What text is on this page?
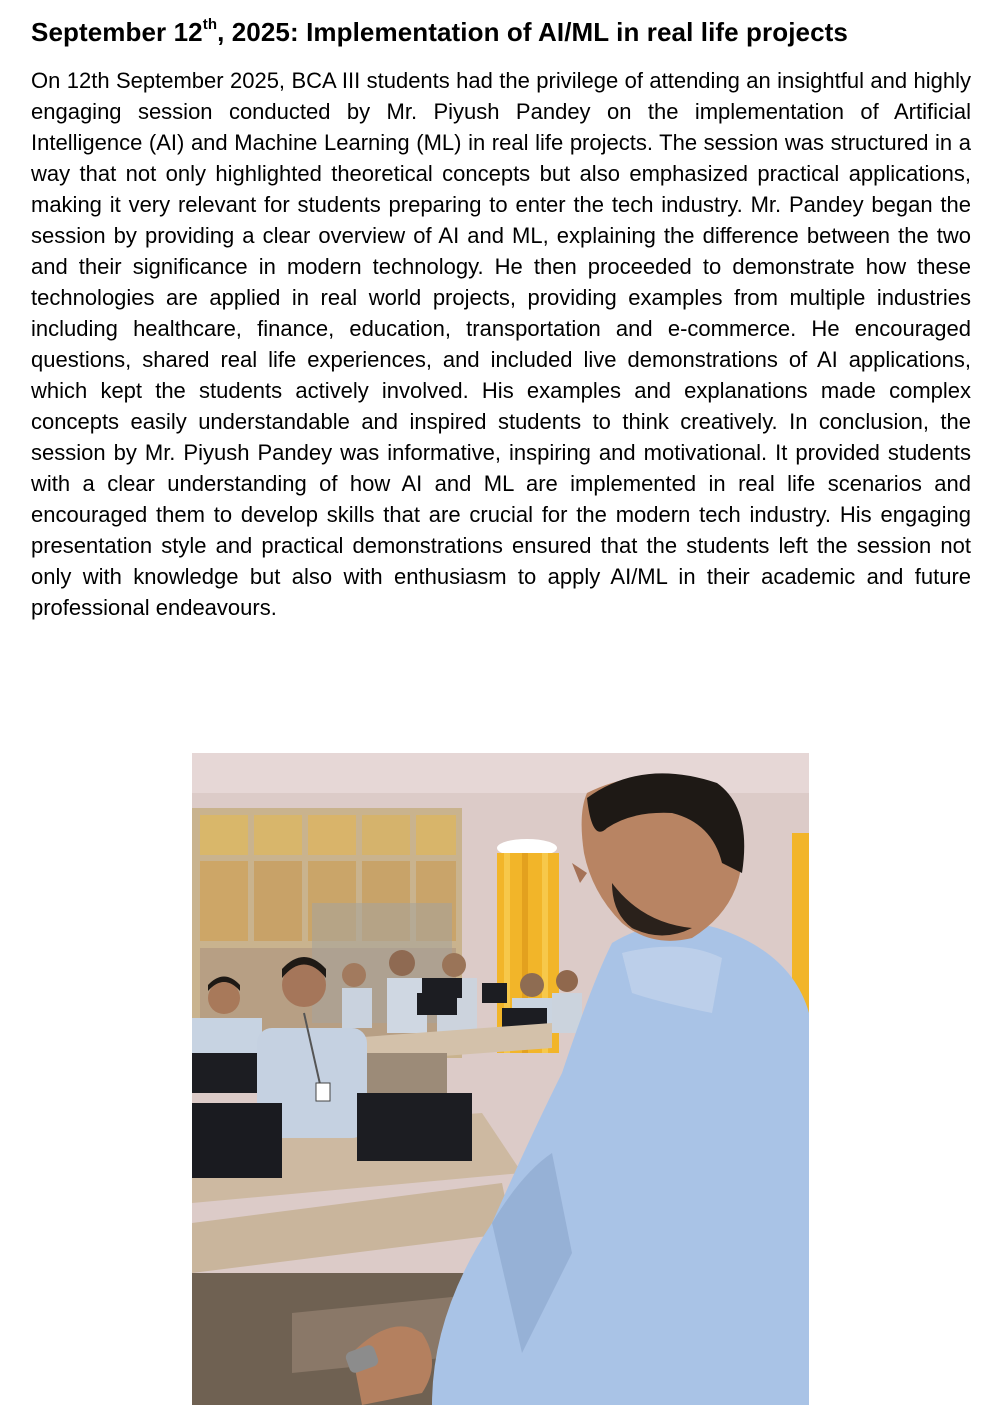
September 12th, 2025: Implementation of AI/ML in real life projects

On 12th September 2025, BCA III students had the privilege of attending an insightful and highly engaging session conducted by Mr. Piyush Pandey on the implementation of Artificial Intelligence (AI) and Machine Learning (ML) in real life projects. The session was structured in a way that not only highlighted theoretical concepts but also emphasized practical applications, making it very relevant for students preparing to enter the tech industry. Mr. Pandey began the session by providing a clear overview of AI and ML, explaining the difference between the two and their significance in modern technology. He then proceeded to demonstrate how these technologies are applied in real world projects, providing examples from multiple industries including healthcare, finance, education, transportation and e-commerce. He encouraged questions, shared real life experiences, and included live demonstrations of AI applications, which kept the students actively involved. His examples and explanations made complex concepts easily understandable and inspired students to think creatively. In conclusion, the session by Mr. Piyush Pandey was informative, inspiring and motivational. It provided students with a clear understanding of how AI and ML are implemented in real life scenarios and encouraged them to develop skills that are crucial for the modern tech industry. His engaging presentation style and practical demonstrations ensured that the students left the session not only with knowledge but also with enthusiasm to apply AI/ML in their academic and future professional endeavours.
